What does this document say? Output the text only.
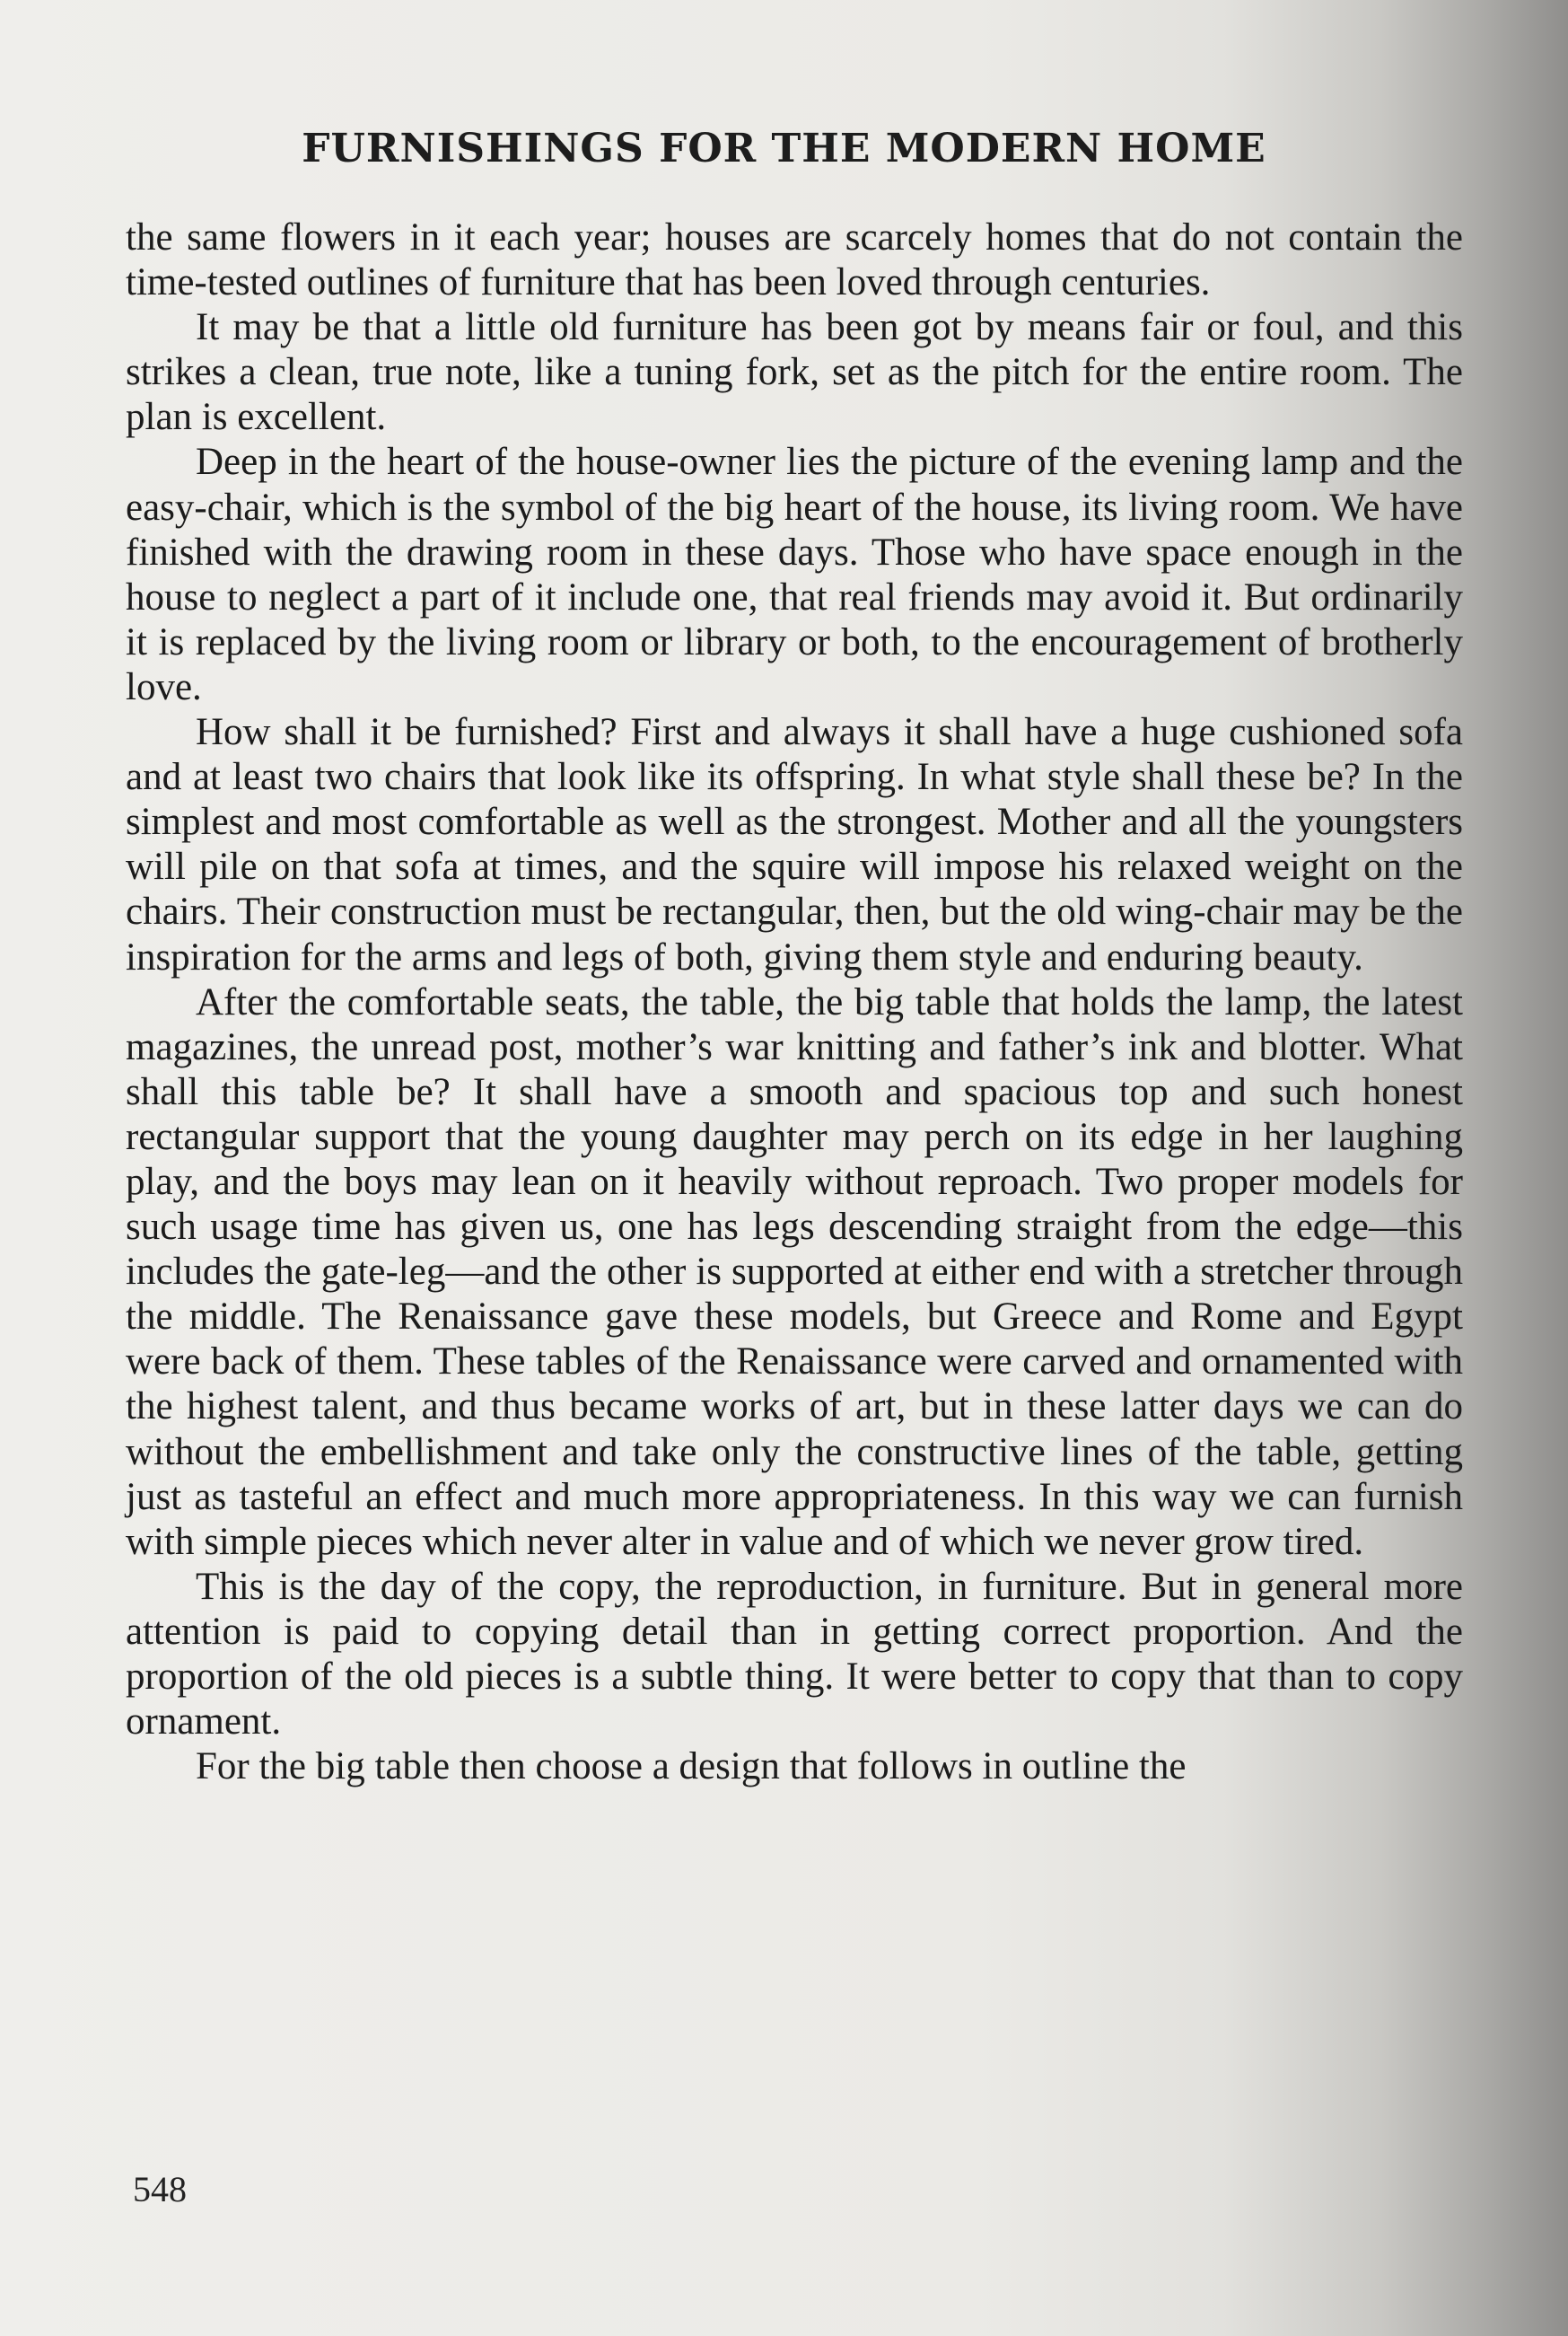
FURNISHINGS FOR THE MODERN HOME

the same flowers in it each year; houses are scarcely homes that do not contain the time-tested outlines of furniture that has been loved through centuries.

It may be that a little old furniture has been got by means fair or foul, and this strikes a clean, true note, like a tuning fork, set as the pitch for the entire room. The plan is excellent.

Deep in the heart of the house-owner lies the picture of the evening lamp and the easy-chair, which is the symbol of the big heart of the house, its living room. We have finished with the drawing room in these days. Those who have space enough in the house to neglect a part of it include one, that real friends may avoid it. But ordinarily it is replaced by the living room or library or both, to the encouragement of brotherly love.

How shall it be furnished? First and always it shall have a huge cushioned sofa and at least two chairs that look like its offspring. In what style shall these be? In the simplest and most comfortable as well as the strongest. Mother and all the youngsters will pile on that sofa at times, and the squire will impose his relaxed weight on the chairs. Their construction must be rectangular, then, but the old wing-chair may be the inspiration for the arms and legs of both, giving them style and enduring beauty.

After the comfortable seats, the table, the big table that holds the lamp, the latest magazines, the unread post, mother’s war knitting and father’s ink and blotter. What shall this table be? It shall have a smooth and spacious top and such honest rectangular support that the young daughter may perch on its edge in her laughing play, and the boys may lean on it heavily without reproach. Two proper models for such usage time has given us, one has legs descending straight from the edge—this includes the gate-leg—and the other is supported at either end with a stretcher through the middle. The Renaissance gave these models, but Greece and Rome and Egypt were back of them. These tables of the Renaissance were carved and ornamented with the highest talent, and thus became works of art, but in these latter days we can do without the embellishment and take only the constructive lines of the table, getting just as tasteful an effect and much more appropriateness. In this way we can furnish with simple pieces which never alter in value and of which we never grow tired.

This is the day of the copy, the reproduction, in furniture. But in general more attention is paid to copying detail than in getting correct proportion. And the proportion of the old pieces is a subtle thing. It were better to copy that than to copy ornament.

For the big table then choose a design that follows in outline the

548
